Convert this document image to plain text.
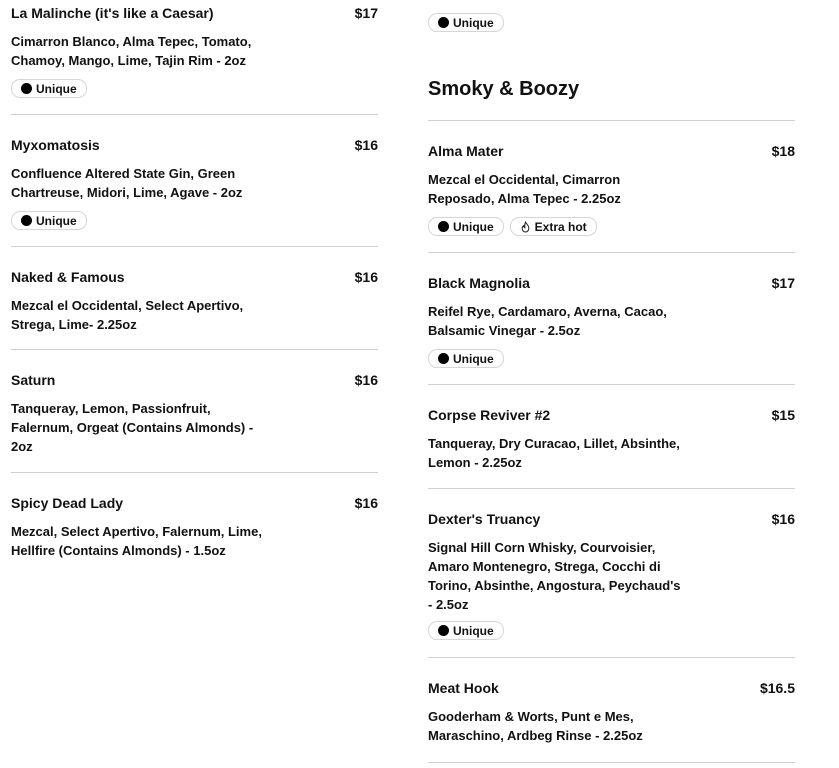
La Malinche (it's like a Caesar)	$17
Cimarron Blanco, Alma Tepec, Tomato, Chamoy, Mango, Lime, Tajin Rim - 2oz
Unique
Myxomatosis	$16
Confluence Altered State Gin, Green Chartreuse, Midori, Lime, Agave - 2oz
Unique
Naked & Famous	$16
Mezcal el Occidental, Select Apertivo, Strega, Lime- 2.25oz
Saturn	$16
Tanqueray, Lemon, Passionfruit, Falernum, Orgeat (Contains Almonds) - 2oz
Spicy Dead Lady	$16
Mezcal, Select Apertivo, Falernum, Lime, Hellfire (Contains Almonds) - 1.5oz
Unique
Smoky & Boozy
Alma Mater	$18
Mezcal el Occidental, Cimarron Reposado, Alma Tepec - 2.25oz
Unique	Extra hot
Black Magnolia	$17
Reifel Rye, Cardamaro, Averna, Cacao, Balsamic Vinegar - 2.5oz
Unique
Corpse Reviver #2	$15
Tanqueray, Dry Curacao, Lillet, Absinthe, Lemon - 2.25oz
Dexter's Truancy	$16
Signal Hill Corn Whisky, Courvoisier, Amaro Montenegro, Strega, Cocchi di Torino, Absinthe, Angostura, Peychaud's - 2.5oz
Unique
Meat Hook	$16.5
Gooderham & Worts, Punt e Mes, Maraschino, Ardbeg Rinse - 2.25oz
